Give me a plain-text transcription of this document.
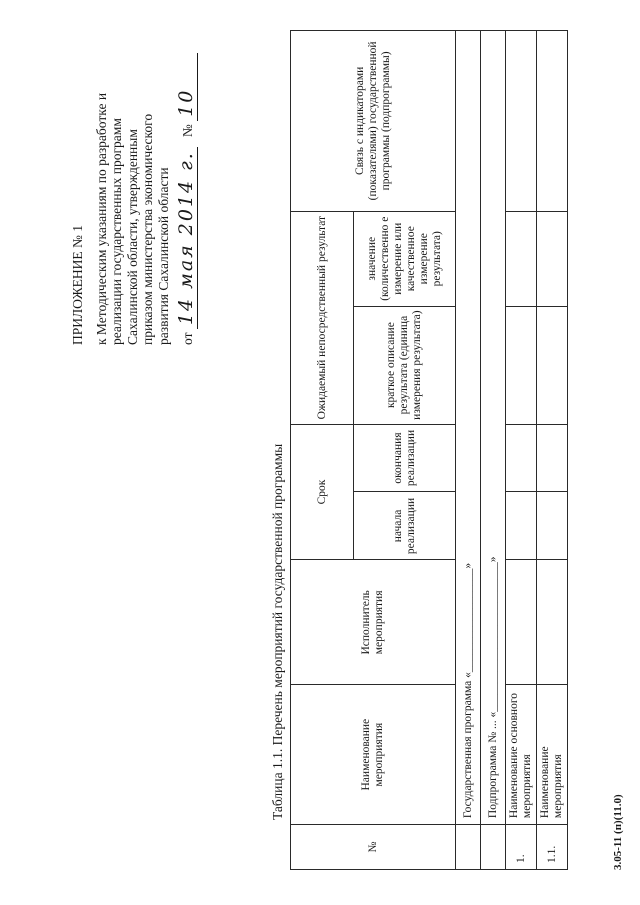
ПРИЛОЖЕНИЕ № 1 к Методическим указаниям по разработке и реализации государственных программ Сахалинской области, утвержденным приказом министерства экономического развития Сахалинской области от 14 мая 2014 г.   № 10
Таблица 1.1. Перечень мероприятий государственной программы
№	Наименование мероприятия	Исполнитель мероприятия	Срок		Ожидаемый непосредственный результат		Связь с индикаторами (показателями) государственной программы (подпрограммы)
			начала реализации	окончания реализации	краткое описание результата (единица измерения результата)	значение (количественно е измерение или качественное измерение результата)	
	Государственная программа «__________________»						
	Подпрограмма № ... «__________________________»						
1.	Наименование основного мероприятия						
1.1.	Наименование мероприятия						
3.05-11 (п)(11.0)
